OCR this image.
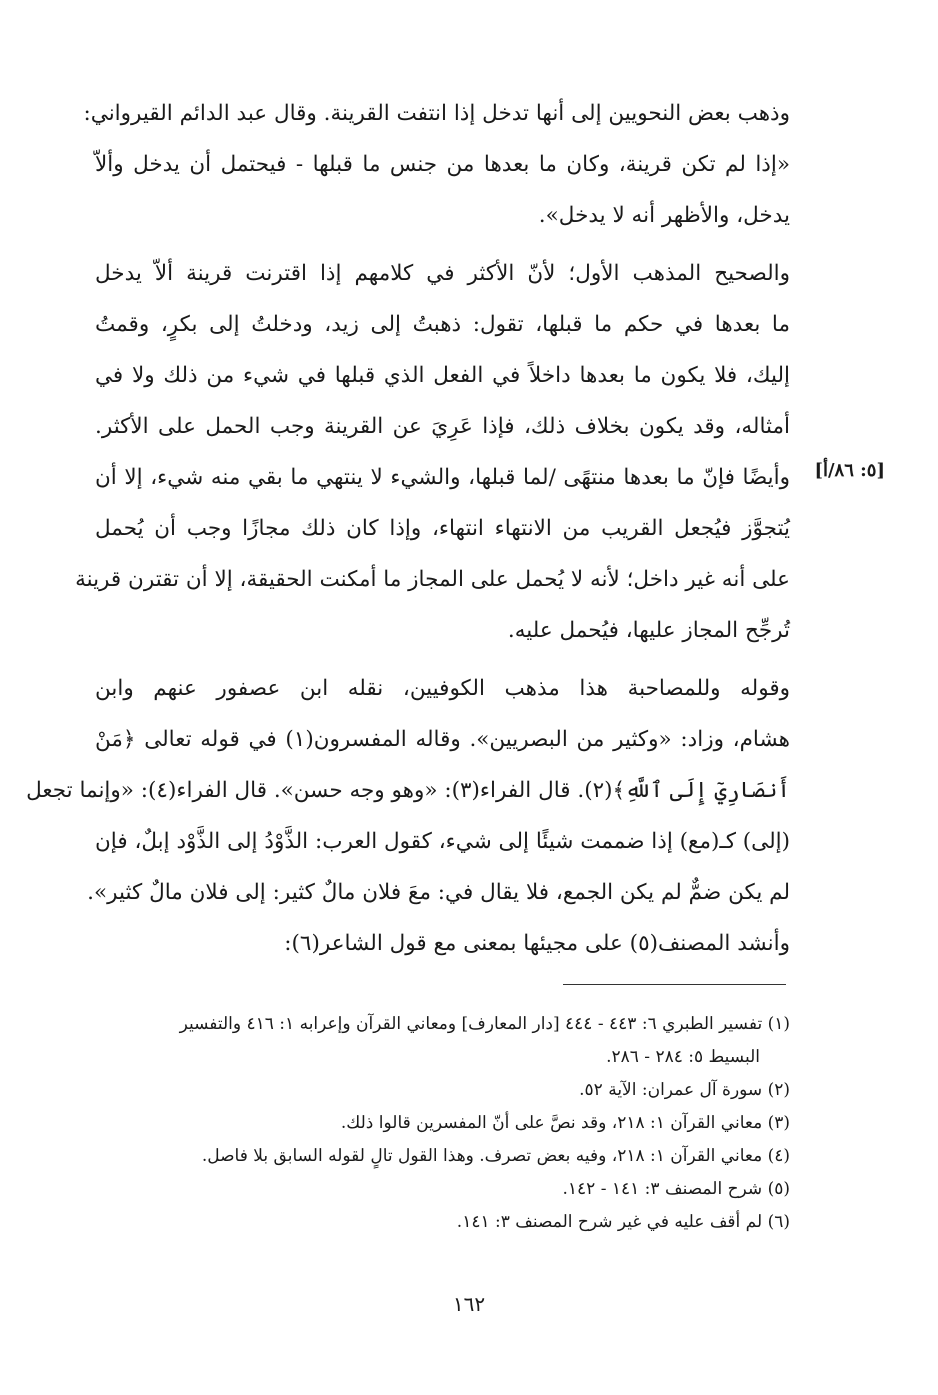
وذهب بعض النحويين إلى أنها تدخل إذا انتفت القرينة. وقال عبد الدائم القيرواني:
«إذا لم تكن قرينة، وكان ما بعدها من جنس ما قبلها - فيحتمل أن يدخل وألاّ
يدخل، والأظهر أنه لا يدخل».
والصحيح المذهب الأول؛ لأنّ الأكثر في كلامهم إذا اقترنت قرينة ألاّ يدخل
ما بعدها في حكم ما قبلها، تقول: ذهبتُ إلى زيد، ودخلتُ إلى بكرٍ، وقمتُ
إليك، فلا يكون ما بعدها داخلاً في الفعل الذي قبلها في شيء من ذلك ولا في
أمثاله، وقد يكون بخلاف ذلك، فإذا عَرِيَ عن القرينة وجب الحمل على الأكثر.
وأيضًا فإنّ ما بعدها منتهًى /لما قبلها، والشيء لا ينتهي ما بقي منه شيء، إلا أن
يُتجوَّز فيُجعل القريب من الانتهاء انتهاء، وإذا كان ذلك مجازًا وجب أن يُحمل
على أنه غير داخل؛ لأنه لا يُحمل على المجاز ما أمكنت الحقيقة، إلا أن تقترن قرينة
تُرجِّح المجاز عليها، فيُحمل عليه.
وقوله وللمصاحبة هذا مذهب الكوفيين، نقله ابن عصفور عنهم وابن
هشام، وزاد: «وكثير من البصريين». وقاله المفسرون(١) في قوله تعالى ﴿مَنْ
أَنصَارِيٓ إِلَى ٱللَّهِ﴾(٢). قال الفراء(٣): «وهو وجه حسن». قال الفراء(٤): «وإنما تجعل
(إلى) كـ(مع) إذا ضممت شيئًا إلى شيء، كقول العرب: الذَّوْدُ إلى الذَّوْد إبلٌ، فإن
لم يكن ضمٌّ لم يكن الجمع، فلا يقال في: معَ فلان مالٌ كثير: إلى فلان مالٌ كثير».
وأنشد المصنف(٥) على مجيئها بمعنى مع قول الشاعر(٦):
[٥: ٨٦/أ]
(١) تفسير الطبري ٦: ٤٤٣ - ٤٤٤ [دار المعارف] ومعاني القرآن وإعرابه ١: ٤١٦ والتفسير
البسيط ٥: ٢٨٤ - ٢٨٦.
(٢) سورة آل عمران: الآية ٥٢.
(٣) معاني القرآن ١: ٢١٨، وقد نصَّ على أنّ المفسرين قالوا ذلك.
(٤) معاني القرآن ١: ٢١٨، وفيه بعض تصرف. وهذا القول تالٍ لقوله السابق بلا فاصل.
(٥) شرح المصنف ٣: ١٤١ - ١٤٢.
(٦) لم أقف عليه في غير شرح المصنف ٣: ١٤١.
١٦٢
